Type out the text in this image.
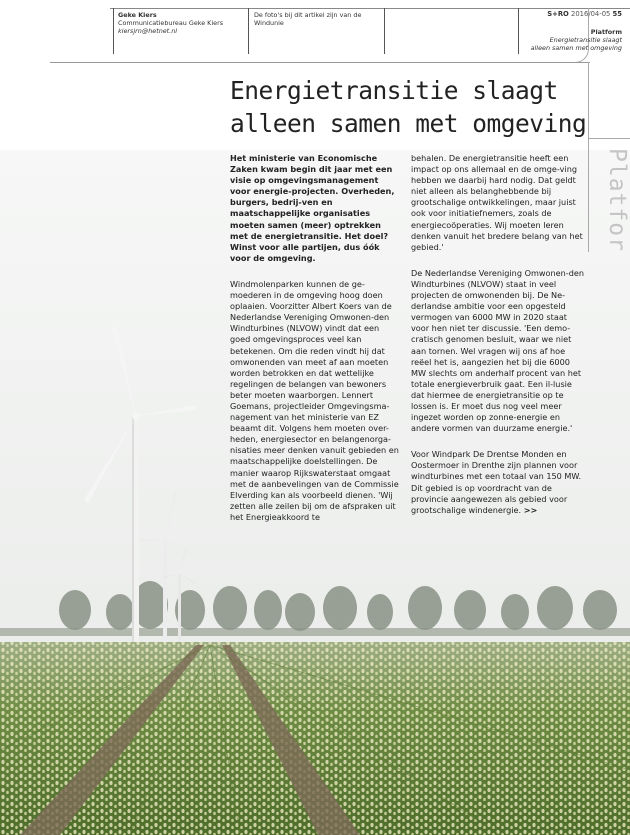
Geke Kiers
Communicatiebureau Geke Kiers
kiersjrn@hetnet.nl
De foto's bij dit artikel zijn van de Windunie
S+RO 2016/04-05 55
Platform
Energietransitie slaagt
alleen samen met omgeving
Platfor
Energietransitie slaagt
alleen samen met omgeving

Het ministerie van Economische Zaken kwam begin dit jaar met een visie op omgevingsmanagement voor energie-projecten. Overheden, burgers, bedrij-ven en maatschappelijke organisaties moeten samen (meer) optrekken met de energietransitie. Het doel? Winst voor alle partijen, dus óók voor de omgeving.

Windmolenparken kunnen de ge-moederen in de omgeving hoog doen oplaaien. Voorzitter Albert Koers van de Nederlandse Vereniging Omwonen-den Windturbines (NLVOW) vindt dat een goed omgevingsproces veel kan betekenen. Om die reden vindt hij dat omwonenden van meet af aan moeten worden betrokken en dat wettelijke regelingen de belangen van bewoners beter moeten waarborgen. Lennert Goemans, projectleider Omgevingsma-nagement van het ministerie van EZ beaamt dit. Volgens hem moeten over-heden, energiesector en belangenorga-nisaties meer denken vanuit gebieden en maatschappelijke doelstellingen. De manier waarop Rijkswaterstaat omgaat met de aanbevelingen van de Commissie Elverding kan als voorbeeld dienen. 'Wij zetten alle zeilen bij om de afspraken uit het Energieakkoord te

behalen. De energietransitie heeft een impact op ons allemaal en de omge-ving hebben we daarbij hard nodig. Dat geldt niet alleen als belanghebbende bij grootschalige ontwikkelingen, maar juist ook voor initiatiefnemers, zoals de energiecoöperaties. Wij moeten leren denken vanuit het bredere belang van het gebied.'

De Nederlandse Vereniging Omwonen-den Windturbines (NLVOW) staat in veel projecten de omwonenden bij. De Ne-derlandse ambitie voor een opgesteld vermogen van 6000 MW in 2020 staat voor hen niet ter discussie. 'Een demo-cratisch genomen besluit, waar we niet aan tornen. Wel vragen wij ons af hoe reëel het is, aangezien het bij die 6000 MW slechts om anderhalf procent van het totale energieverbruik gaat. Een il-lusie dat hiermee de energietransitie op te lossen is. Er moet dus nog veel meer ingezet worden op zonne-energie en andere vormen van duurzame energie.'

Voor Windpark De Drentse Monden en Oostermoer in Drenthe zijn plannen voor windturbines met een totaal van 150 MW. Dit gebied is op voordracht van de provincie aangewezen als gebied voor grootschalige windenergie. >>
